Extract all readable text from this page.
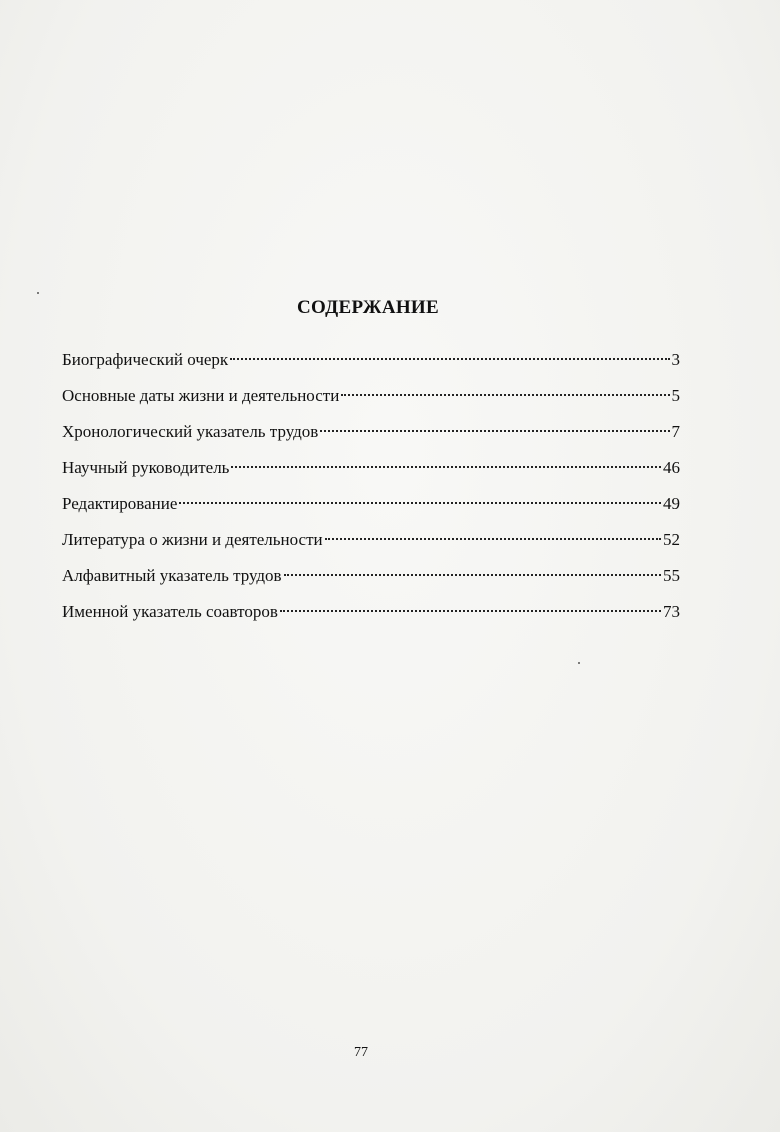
СОДЕРЖАНИЕ
Биографический очерк	3
Основные даты жизни и деятельности	5
Хронологический указатель трудов	7
Научный руководитель	46
Редактирование	49
Литература о жизни и деятельности	52
Алфавитный указатель трудов	55
Именной указатель соавторов	73
77
